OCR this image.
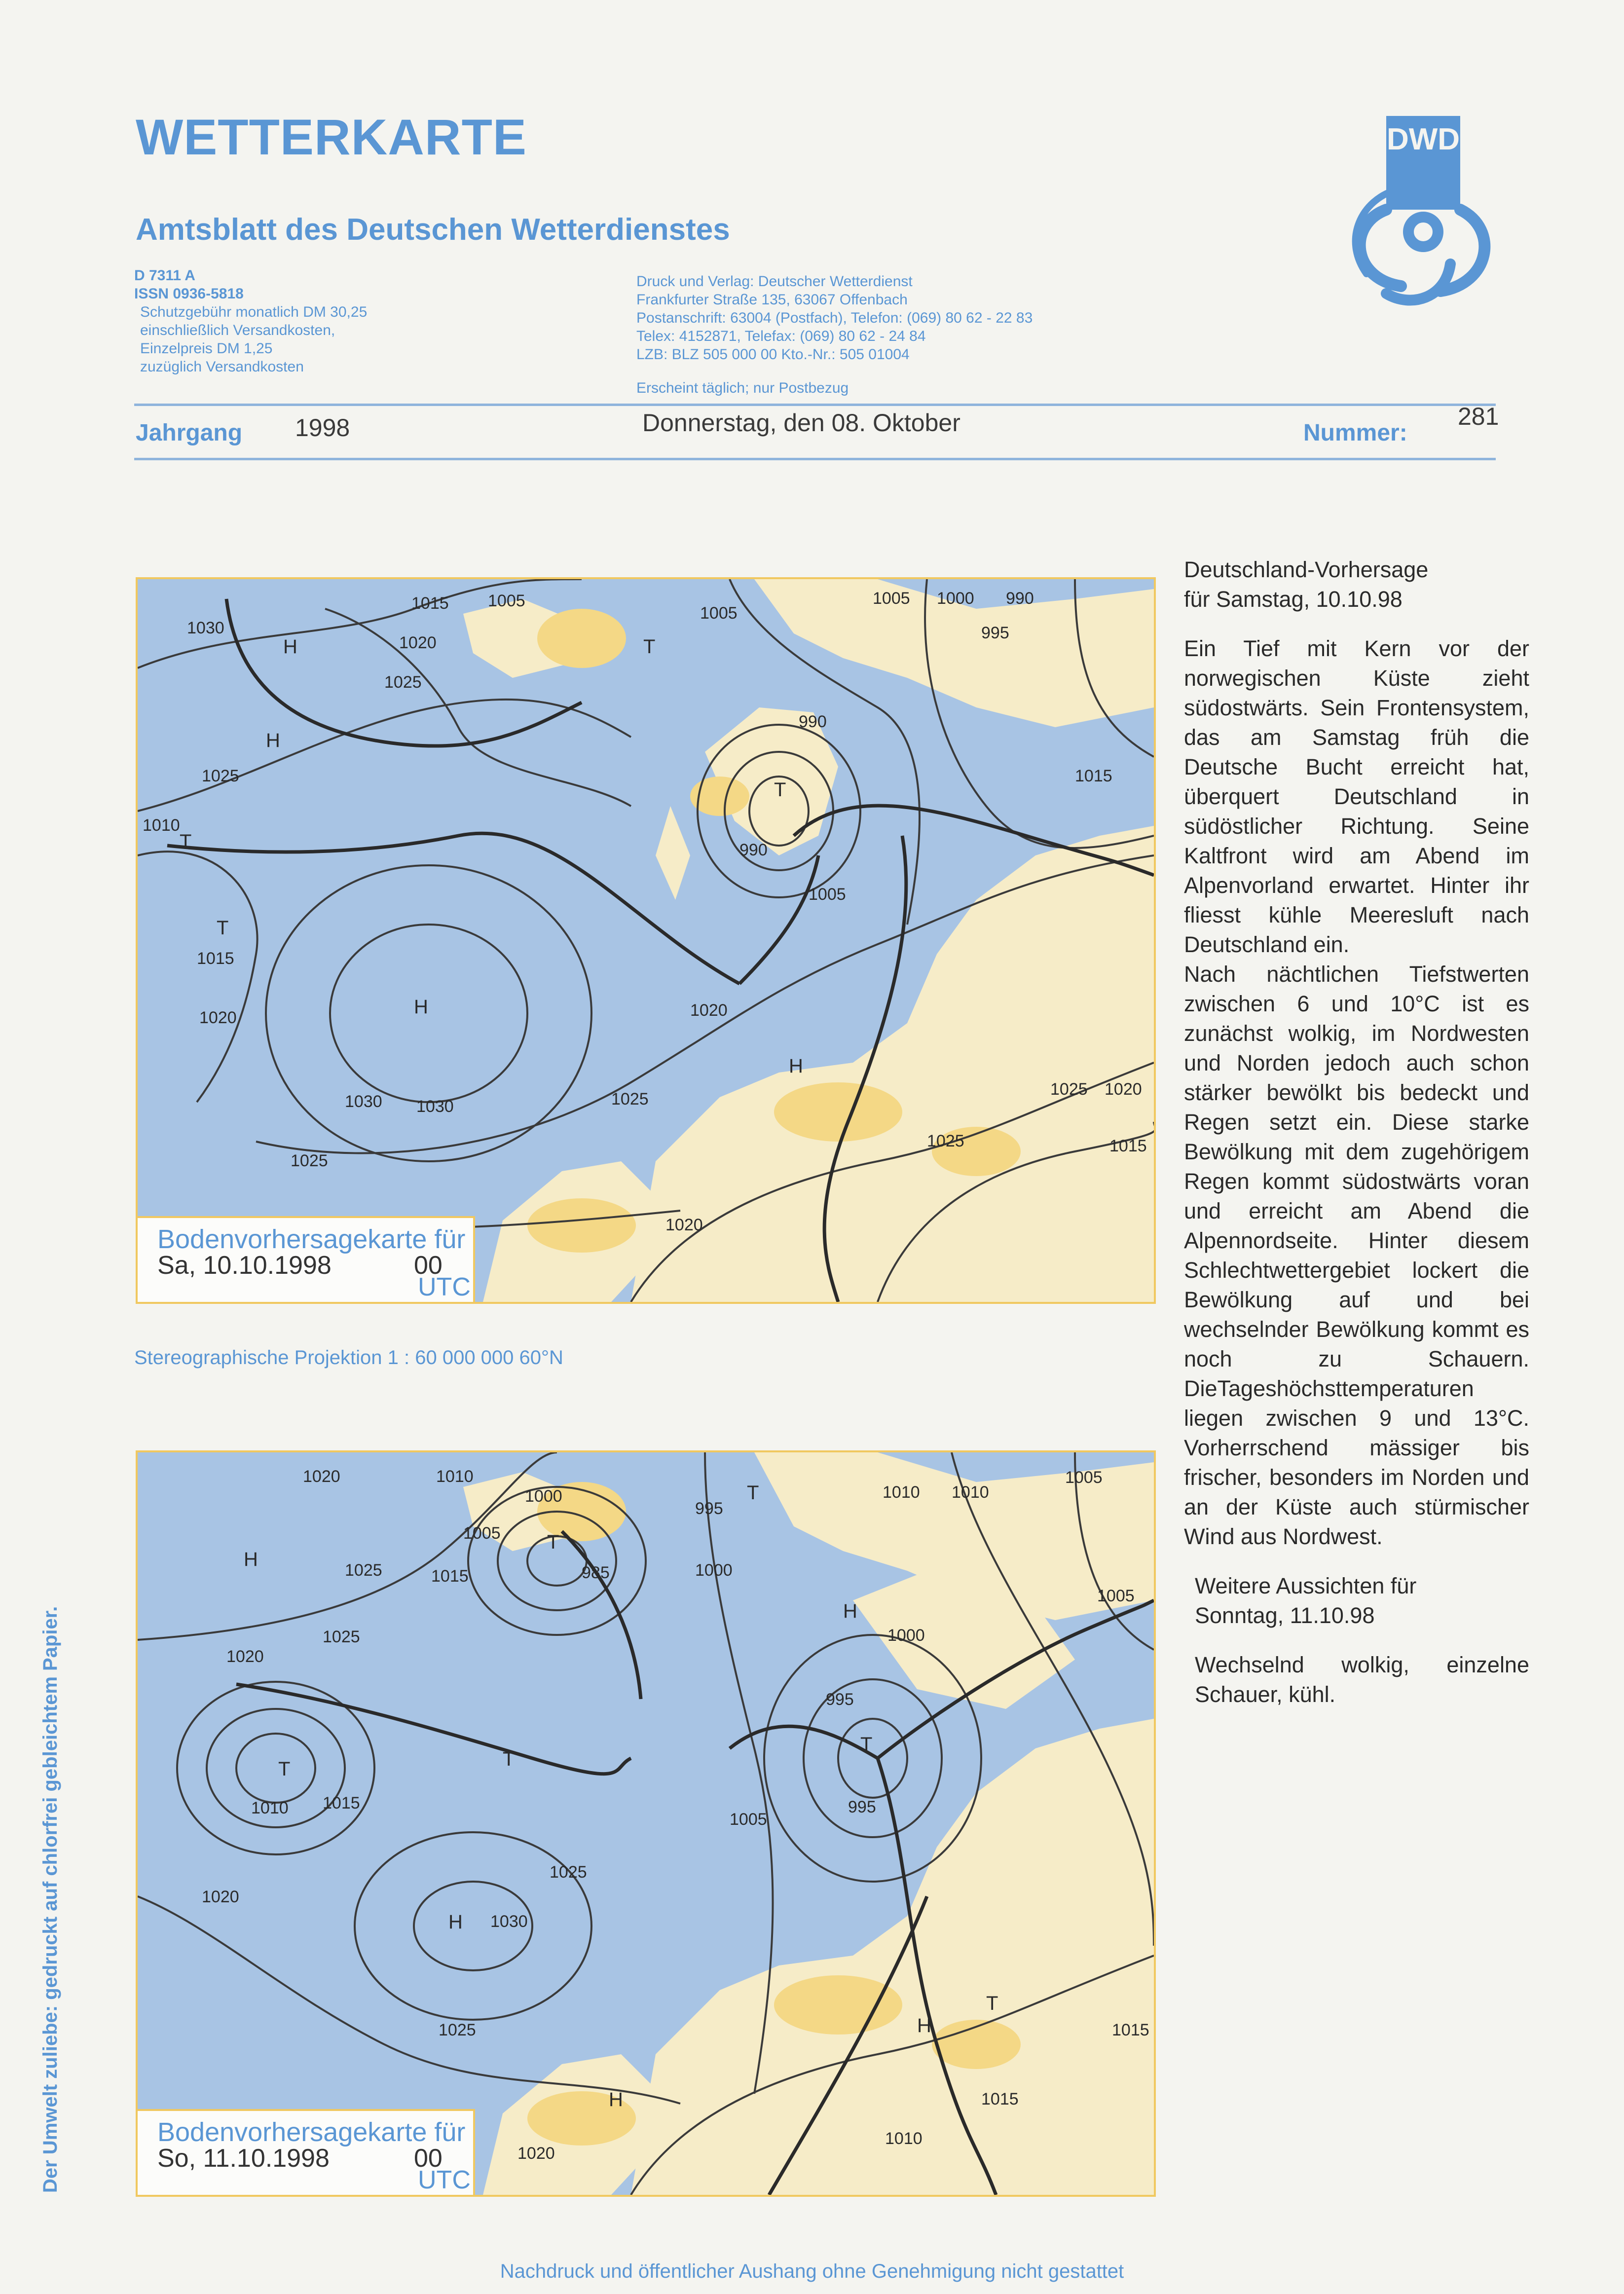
WETTERKARTE
Amtsblatt des Deutschen Wetterdienstes
D 7311 A
ISSN 0936-5818
Schutzgebühr monatlich DM 30,25
einschließlich Versandkosten,
Einzelpreis DM 1,25
zuzüglich Versandkosten
Druck und Verlag: Deutscher Wetterdienst
Frankfurter Straße 135, 63067 Offenbach
Postanschrift: 63004 (Postfach), Telefon: (069) 80 62 - 22 83
Telex: 4152871, Telefax: (069) 80 62 - 24 84
LZB: BLZ 505 000 00 Kto.-Nr.: 505 01004
Erscheint täglich; nur Postbezug
DWD
Jahrgang 1998	Donnerstag, den 08. Oktober	Nummer:
281
1030
1015 1005
1005
1005 1000 990
995
1020
1025
1025
990
990
1005
1015
1010
1015
1020
1030 1030
1020
1025
1025
1020
1015
1025
1025
1020
H
H
T
T
T
T
H
H
Bodenvorhersagekarte für
Sa, 10.10.1998	00
UTC
Stereographische Projektion 1 : 60 000 000 60°N
1020	1010
1000
1005
995
985
1025	1015	1000
1010 1010
1005
1025
1020
1010 1015
995
1005
995
1000
1005
1020
1025
1030
1025
1020
1015
1015
1010
H
T
T
T
T
H
H
T
H
H
T
Bodenvorhersagekarte für
So, 11.10.1998	00
UTC

Deutschland-Vorhersage

für Samstag, 10.10.98

Ein Tief mit Kern vor der norwegischen Küste zieht südostwärts. Sein Frontensystem, das am Samstag früh die Deutsche Bucht erreicht hat, überquert Deutschland in südöstlicher Richtung. Seine Kaltfront wird am Abend im Alpenvorland erwartet. Hinter ihr fliesst kühle Meeresluft nach Deutschland ein.

Nach nächtlichen Tiefstwerten zwischen 6 und 10°C ist es zunächst wolkig, im Nordwesten und Norden jedoch auch schon stärker bewölkt bis bedeckt und Regen setzt ein. Diese starke Bewölkung mit dem zugehörigem Regen kommt südostwärts voran und erreicht am Abend die Alpennordseite. Hinter diesem Schlechtwettergebiet lockert die Bewölkung auf und bei wechselnder Bewölkung kommt es noch zu Schauern. DieTageshöchsttemperaturen liegen zwischen 9 und 13°C. Vorherrschend mässiger bis frischer, besonders im Norden und an der Küste auch stürmischer Wind aus Nordwest.

Weitere Aussichten für

Sonntag, 11.10.98

Wechselnd wolkig, einzelne Schauer, kühl.

Der Umwelt zuliebe: gedruckt auf chlorfrei gebleichtem Papier.
Nachdruck und öffentlicher Aushang ohne Genehmigung nicht gestattet
